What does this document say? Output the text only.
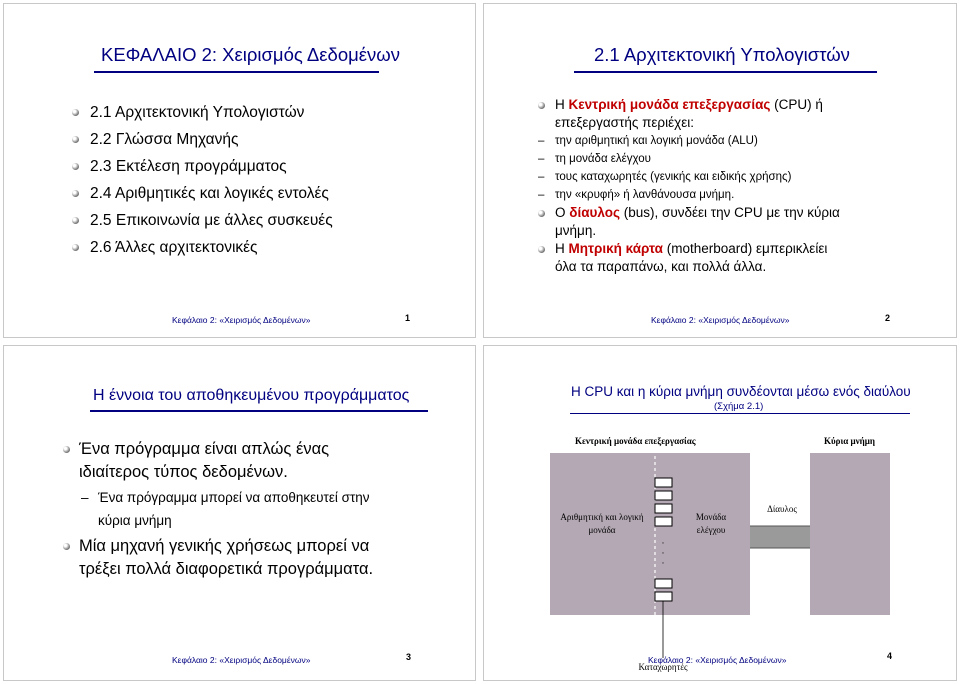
ΚΕΦΑΛΑΙΟ 2: Χειρισμός Δεδομένων
2.1 Αρχιτεκτονική Υπολογιστών
2.2 Γλώσσα Μηχανής
2.3 Εκτέλεση προγράμματος
2.4 Αριθμητικές και λογικές εντολές
2.5 Επικοινωνία με άλλες συσκευές
2.6 Άλλες αρχιτεκτονικές
Κεφάλαιο 2: «Χειρισμός Δεδομένων»	1
2.1 Αρχιτεκτονική Υπολογιστών
Η Κεντρική μονάδα επεξεργασίας (CPU) ή
επεξεργαστής περιέχει:
– την αριθμητική και λογική μονάδα (ALU)
– τη μονάδα ελέγχου
– τους καταχωρητές (γενικής και ειδικής χρήσης)
– την «κρυφή» ή λανθάνουσα μνήμη.
Ο δίαυλος (bus), συνδέει την CPU με την κύρια
μνήμη.
Η Μητρική κάρτα (motherboard) εμπερικλείει
όλα τα παραπάνω, και πολλά άλλα.
Κεφάλαιο 2: «Χειρισμός Δεδομένων»	2
Η έννοια του αποθηκευμένου προγράμματος
Ένα πρόγραμμα είναι απλώς ένας
ιδιαίτερος τύπος δεδομένων.
– Ένα πρόγραμμα μπορεί να αποθηκευτεί στην
κύρια μνήμη
Μία μηχανή γενικής χρήσεως μπορεί να
τρέξει πολλά διαφορετικά προγράμματα.
Κεφάλαιο 2: «Χειρισμός Δεδομένων»	3
Η CPU και η κύρια μνήμη συνδέονται μέσω ενός διαύλου
(Σχήμα 2.1)
·
·
·
Κεντρική μονάδα επεξεργασίας	Κύρια μνήμη
Αριθμητική και λογική
μονάδα
Μονάδα
ελέγχου
Δίαυλος
Καταχωρητές
Κεφάλαιο 2: «Χειρισμός Δεδομένων»	4
